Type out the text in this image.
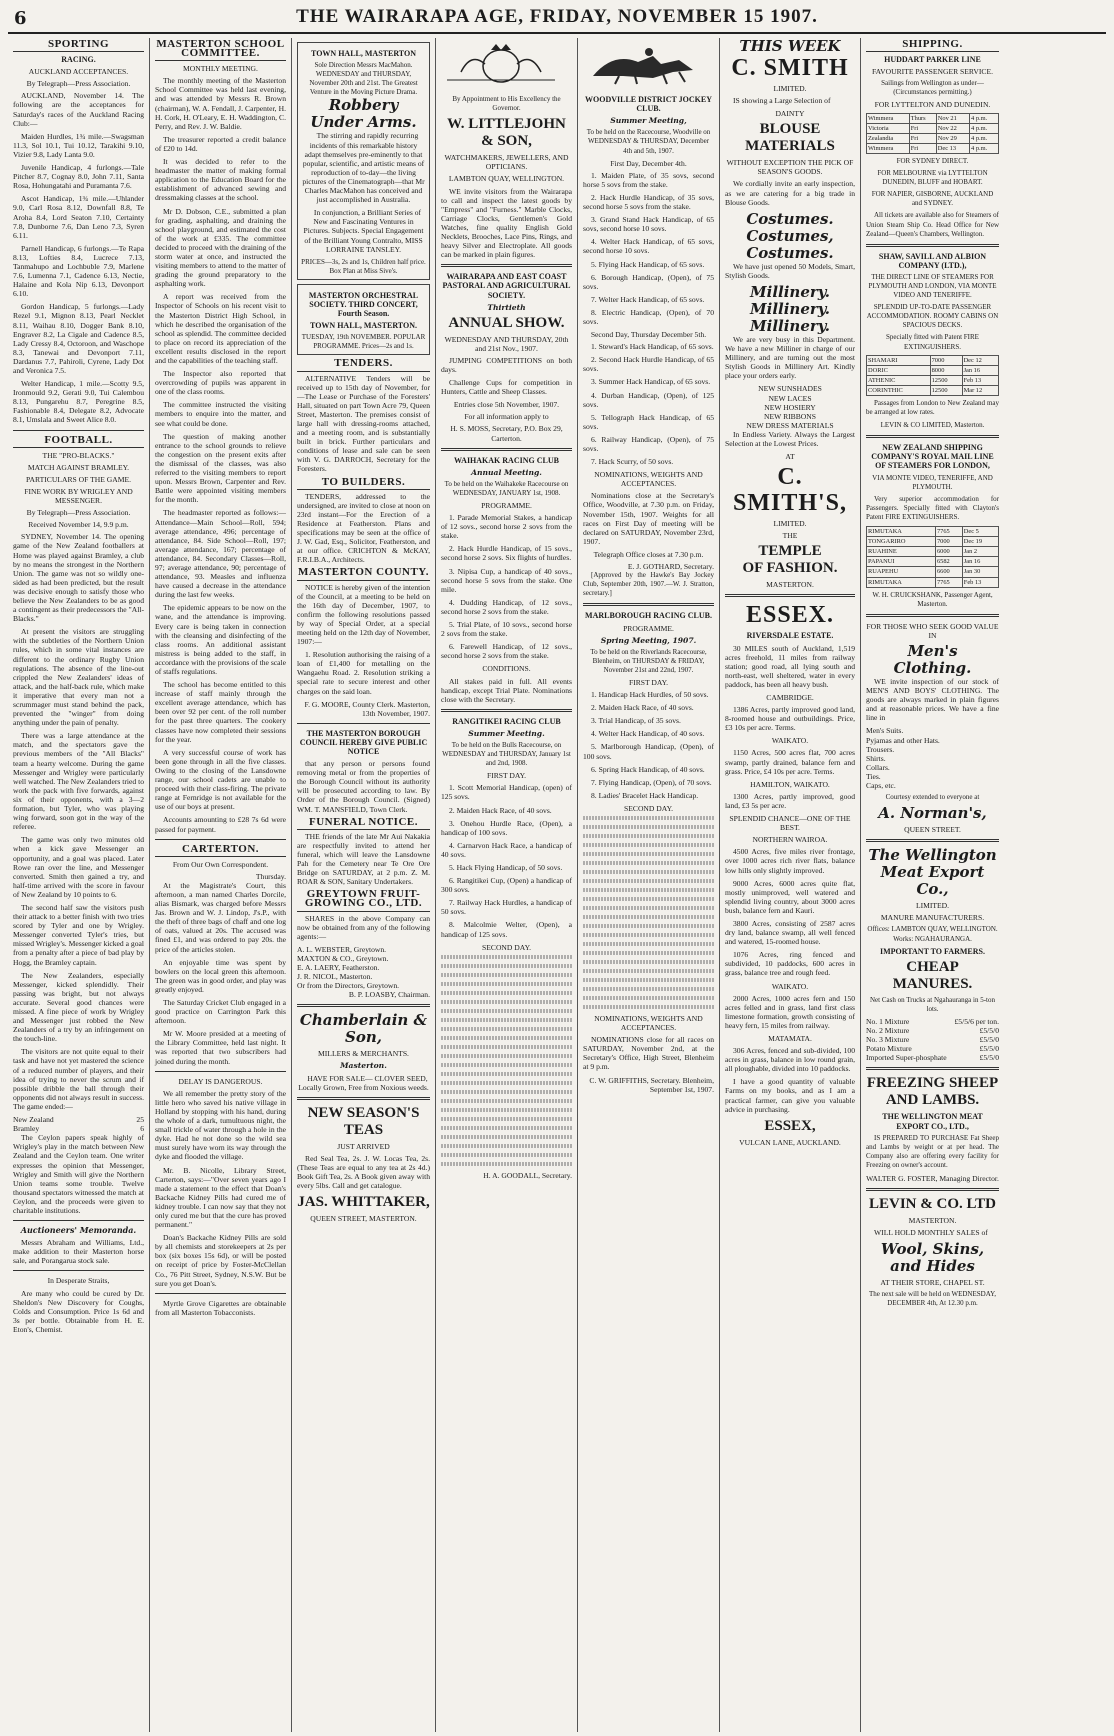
6	THE WAIRARAPA AGE, FRIDAY, NOVEMBER 15 1907.
SPORTING
RACING.
AUCKLAND ACCEPTANCES.
By Telegraph—Press Association.

AUCKLAND, November 14. The following are the acceptances for Saturday's races of the Auckland Racing Club:—

Maiden Hurdles, 1¾ mile.—Swagsman 11.3, Sol 10.1, Tui 10.12, Tarakihi 9.10, Vizier 9.8, Lady Lanta 9.0.

Juvenile Handicap, 4 furlongs.—Tale Pitcher 8.7, Cognay 8.0, John 7.11, Santa Rosa, Hohungatahi and Puramanta 7.6.

Ascot Handicap, 1¾ mile.—Uhlander 9.0, Carl Rosa 8.12, Downfall 8.8, Te Aroha 8.4, Lord Seaton 7.10, Certainty 7.8, Dunborne 7.6, Dan Leno 7.3, Syren 6.11.

Parnell Handicap, 6 furlongs.—Te Rapa 8.13, Lofties 8.4, Lucrece 7.13, Tanmahupo and Lochbuble 7.9, Marlene 7.6, Lumenna 7.1, Cadence 6.13, Nectie, Halaine and Kola Nip 6.13, Devonport 6.10.

Gordon Handicap, 5 furlongs.—Lady Rezel 9.1, Mignon 8.13, Pearl Necklet 8.11, Waihau 8.10, Dogger Bank 8.10, Engraver 8.2, La Cigale and Cadence 8.5, Lady Cressy 8.4, Octoroon, and Waschope 8.3, Tanewai and Devonport 7.11, Dardanus 7.7, Pahiroli, Cyrene, Lady Dot and Veronica 7.5.

Welter Handicap, 1 mile.—Scotty 9.5, Ironmould 9.2, Gerati 9.0, Tui Calembou 8.13, Pungarehu 8.7, Peregrine 8.5, Fashionable 8.4, Delegate 8.2, Advocate 8.1, Umslala and Sweet Alice 8.0.

FOOTBALL.
THE "PRO-BLACKS."
MATCH AGAINST BRAMLEY.
PARTICULARS OF THE GAME.
FINE WORK BY WRIGLEY AND MESSENGER.
By Telegraph—Press Association.
Received November 14, 9.9 p.m.

SYDNEY, November 14. The opening game of the New Zealand footballers at Home was played against Bramley, a club by no means the strongest in the Northern Union. The game was not so wildly one-sided as had been predicted, but the result was decisive enough to satisfy those who believe the New Zealanders to be as good a contingent as their predecessors the "All-Blacks."

At present the visitors are struggling with the subtleties of the Northern Union rules, which in some vital instances are different to the ordinary Rugby Union regulations. The absence of the line-out crippled the New Zealanders' ideas of attack, and the half-back rule, which make it imperative that every man not a scrummager must stand behind the pack, prevented the "winger" from doing anything under the pain of penalty.

There was a large attendance at the match, and the spectators gave the previous members of the "All Blacks" team a hearty welcome. During the game Messenger and Wrigley were particularly well watched. The New Zealanders tried to work the pack with five forwards, against six of their opponents, with a 3—2 formation, but Tyler, who was playing wing forward, soon got in the way of the referee.

The game was only two minutes old when a kick gave Messenger an opportunity, and a goal was placed. Later Rowe ran over the line, and Messenger converted. Smith then gained a try, and half-time arrived with the score in favour of New Zealand by 10 points to 6.

The second half saw the visitors push their attack to a better finish with two tries scored by Tyler and one by Wrigley. Messenger converted Tyler's tries, but missed Wrigley's. Messenger kicked a goal from a penalty after a piece of bad play by Hogg, the Bramley captain.

The New Zealanders, especially Messenger, kicked splendidly. Their passing was bright, but not always accurate. Several good chances were missed. A fine piece of work by Wrigley and Messenger just robbed the New Zealanders of a try by an infringement on the touch-line.

The visitors are not quite equal to their task and have not yet mastered the science of a reduced number of players, and their idea of trying to never the scrum and if possible dribble the ball through their opponents did not always result in success. The game ended:—

New Zealand	25
Bramley	6

The Ceylon papers speak highly of Wrigley's play in the match between New Zealand and the Ceylon team. One writer expresses the opinion that Messenger, Wrigley and Smith will give the Northern Union teams some trouble. Twelve thousand spectators witnessed the match at Ceylon, and the proceeds were given to charitable institutions.

Auctioneers' Memoranda.

Messrs Abraham and Williams, Ltd., make addition to their Masterton horse sale, and Porangarua stock sale.

In Desperate Straits,

Are many who could be cured by Dr. Sheldon's New Discovery for Coughs, Colds and Consumption. Price 1s 6d and 3s per bottle. Obtainable from H. E. Eton's, Chemist.

MASTERTON SCHOOL COMMITTEE.
MONTHLY MEETING.

The monthly meeting of the Masterton School Committee was held last evening, and was attended by Messrs R. Brown (chairman), W. A. Fendall, J. Carpenter, H. H. Cork, H. O'Leary, E. H. Waddington, C. Perry, and Rev. J. W. Baldie.

The treasurer reported a credit balance of £20 to 14d.

It was decided to refer to the headmaster the matter of making formal application to the Education Board for the establishment of advanced sewing and dressmaking classes at the school.

Mr D. Dobson, C.E., submitted a plan for grading, asphalting, and draining the school playground, and estimated the cost of the work at £335. The committee decided to proceed with the draining of the storm water at once, and instructed the visiting members to attend to the matter of grading the ground preparatory to the asphalting work.

A report was received from the Inspector of Schools on his recent visit to the Masterton District High School, in which he described the organisation of the school as splendid. The committee decided to place on record its appreciation of the excellent results disclosed in the report and the capabilities of the teaching staff.

The Inspector also reported that overcrowding of pupils was apparent in one of the class rooms.

The committee instructed the visiting members to enquire into the matter, and see what could be done.

The question of making another entrance to the school grounds to relieve the congestion on the present exits after the dismissal of the classes, was also referred to the visiting members to report upon. Messrs Brown, Carpenter and Rev. Battle were appointed visiting members for the month.

The headmaster reported as follows:—Attendance—Main School—Roll, 594; average attendance, 496; percentage of attendance, 84. Side School—Roll, 197; average attendance, 167; percentage of attendance, 84. Secondary Classes—Roll, 97; average attendance, 90; percentage of attendance, 93. Measles and influenza have caused a decrease in the attendance during the last few weeks.

The epidemic appears to be now on the wane, and the attendance is improving. Every care is being taken in connection with the cleansing and disinfecting of the class rooms. An additional assistant mistress is being added to the staff, in accordance with the provisions of the scale of staffs regulations.

The school has become entitled to this increase of staff mainly through the excellent average attendance, which has been over 92 per cent. of the roll number for the past three quarters. The cookery classes have now completed their sessions for the year.

A very successful course of work has been gone through in all the five classes. Owing to the closing of the Lansdowne range, our school cadets are unable to proceed with their class-firing. The private range at Fernridge is not available for the use of our boys at present.

Accounts amounting to £28 7s 6d were passed for payment.

CARTERTON.
From Our Own Correspondent.
Thursday.

At the Magistrate's Court, this afternoon, a man named Charles Dorcile, alias Bismark, was charged before Messrs Jas. Brown and W. J. Lindop, J's.P., with the theft of three bags of chaff and one log of oats, valued at 20s. The accused was fined £1, and was ordered to pay 20s. the price of the articles stolen.

An enjoyable time was spent by bowlers on the local green this afternoon. The green was in good order, and play was greatly enjoyed.

The Saturday Cricket Club engaged in a good practice on Carrington Park this afternoon.

Mr W. Moore presided at a meeting of the Library Committee, held last night. It was reported that two subscribers had joined during the month.

DELAY IS DANGEROUS.

We all remember the pretty story of the little hero who saved his native village in Holland by stopping with his hand, during the whole of a dark, tumultuous night, the small trickle of water through a hole in the dyke. Had he not done so the wild sea must surely have worn its way through the dyke and flooded the village.

Mr. B. Nicolle, Library Street, Carterton, says:—"Over seven years ago I made a statement to the effect that Doan's Backache Kidney Pills had cured me of kidney trouble. I can now say that they not only cured me but that the cure has proved permanent."

Doan's Backache Kidney Pills are sold by all chemists and storekeepers at 2s per box (six boxes 15s 6d), or will be posted on receipt of price by Foster-McClellan Co., 76 Pitt Street, Sydney, N.S.W. But be sure you get Doan's.

Myrtle Grove Cigarettes are obtainable from all Masterton Tobacconists.

TOWN HALL, MASTERTON
Sole Direction Messrs MacMahon. WEDNESDAY and THURSDAY, November 20th and 21st. The Greatest Venture in the Moving Picture Drama.
Robbery Under Arms.

The stirring and rapidly recurring incidents of this remarkable history adapt themselves pre-eminently to that popular, scientific, and artistic means of reproduction of to-day—the living pictures of the Cinematograph—that Mr Charles MacMahon has conceived and just accomplished in Australia.

In conjunction, a Brilliant Series of New and Fascinating Ventures in Pictures. Subjects. Special Engagement of the Brilliant Young Contralto, MISS LORRAINE TANSLEY.

PRICES—3s, 2s and 1s, Children half price. Box Plan at Miss Sive's.
MASTERTON ORCHESTRAL SOCIETY. THIRD CONCERT, Fourth Season.
TOWN HALL, MASTERTON.
TUESDAY, 19th NOVEMBER. POPULAR PROGRAMME. Prices—2s and 1s.
TENDERS.

ALTERNATIVE Tenders will be received up to 15th day of November, for—The Lease or Purchase of the Foresters' Hall, situated on part Town Acre 79, Queen Street, Masterton. The premises consist of large hall with dressing-rooms attached, and a meeting room, and is substantially built in brick. Further particulars and conditions of lease and sale can be seen with V. G. DARROCH, Secretary for the Foresters.

TO BUILDERS.

TENDERS, addressed to the undersigned, are invited to close at noon on 23rd instant—For the Erection of a Residence at Featherston. Plans and specifications may be seen at the office of J. W. Gad, Esq., Solicitor, Featherston, and at our office. CRICHTON & McKAY, F.R.I.B.A., Architects.

MASTERTON COUNTY.

NOTICE is hereby given of the intention of the Council, at a meeting to be held on the 16th day of December, 1907, to confirm the following resolutions passed by way of Special Order, at a special meeting held on the 12th day of November, 1907:—

1. Resolution authorising the raising of a loan of £1,400 for metalling on the Wangaehu Road. 2. Resolution striking a special rate to secure interest and other charges on the said loan.

F. G. MOORE, County Clerk. Masterton, 13th November, 1907.
THE MASTERTON BOROUGH COUNCIL HEREBY GIVE PUBLIC NOTICE

that any person or persons found removing metal or from the properties of the Borough Council without its authority will be prosecuted according to law. By Order of the Borough Council. (Signed) WM. T. MANSFIELD, Town Clerk.

FUNERAL NOTICE.

THE friends of the late Mr Aui Nakakia are respectfully invited to attend her funeral, which will leave the Lansdowne Pah for the Cemetery near Te Ore Ore Bridge on SATURDAY, at 2 p.m. Z. M. ROAR & SON, Sanitary Undertakers.

GREYTOWN FRUIT-GROWING CO., LTD.

SHARES in the above Company can now be obtained from any of the following agents:—

A. L. WEBSTER, Greytown.
MAXTON & CO., Greytown.
E. A. LAERY, Featherston.
J. R. NICOL, Masterton.
Or from the Directors, Greytown.
B. P. LOASBY, Chairman.
Chamberlain & Son,
MILLERS & MERCHANTS.
Masterton.

HAVE FOR SALE— CLOVER SEED, Locally Grown, Free from Noxious weeds.

NEW SEASON'S TEAS
JUST ARRIVED

Red Seal Tea, 2s. J. W. Locas Tea, 2s. (These Teas are equal to any tea at 2s 4d.) Book Gift Tea, 2s. A Book given away with every 5lbs. Call and get catalogue.

JAS. WHITTAKER,
QUEEN STREET, MASTERTON.
By Appointment to His Excellency the Governor.
W. LITTLEJOHN & SON,
WATCHMAKERS, JEWELLERS, AND OPTICIANS.
LAMBTON QUAY, WELLINGTON.

WE invite visitors from the Wairarapa to call and inspect the latest goods by "Empress" and "Furness." Marble Clocks, Carriage Clocks, Gentlemen's Gold Watches, fine quality English Gold Necklets, Brooches, Lace Pins, Rings, and heavy Silver and Electroplate. All goods can be marked in plain figures.

WAIRARAPA AND EAST COAST PASTORAL AND AGRICULTURAL SOCIETY.
Thirtieth
ANNUAL SHOW.
WEDNESDAY AND THURSDAY, 20th and 21st Nov., 1907.

JUMPING COMPETITIONS on both days.

Challenge Cups for competition in Hunters, Cattle and Sheep Classes.

Entries close 5th November, 1907.
For all information apply to
H. S. MOSS, Secretary, P.O. Box 29, Carterton.
WAIHAKAK RACING CLUB
Annual Meeting.
To be held on the Waihakeke Racecourse on WEDNESDAY, JANUARY 1st, 1908.
PROGRAMME.

1. Parade Memorial Stakes, a handicap of 12 sovs., second horse 2 sovs from the stake.

2. Hack Hurdle Handicap, of 15 sovs., second horse 2 sovs. Six flights of hurdles.

3. Nipisa Cup, a handicap of 40 sovs., second horse 5 sovs from the stake. One mile.

4. Dudding Handicap, of 12 sovs., second horse 2 sovs from the stake.

5. Trial Plate, of 10 sovs., second horse 2 sovs from the stake.

6. Farewell Handicap, of 12 sovs., second horse 2 sovs from the stake.

CONDITIONS.

All stakes paid in full. All events handicap, except Trial Plate. Nominations close with the Secretary.

RANGITIKEI RACING CLUB
Summer Meeting.
To be held on the Bulls Racecourse, on WEDNESDAY and THURSDAY, January 1st and 2nd, 1908.
FIRST DAY.

1. Scott Memorial Handicap, (open) of 125 sovs.

2. Maiden Hack Race, of 40 sovs.

3. Onehou Hurdle Race, (Open), a handicap of 100 sovs.

4. Carnarvon Hack Race, a handicap of 40 sovs.

5. Hack Flying Handicap, of 50 sovs.

6. Rangitikei Cup, (Open) a handicap of 300 sovs.

7. Railway Hack Hurdles, a handicap of 50 sovs.

8. Malcolmie Welter, (Open), a handicap of 125 sovs.

SECOND DAY.
H. A. GOODALL, Secretary.
WOODVILLE DISTRICT JOCKEY CLUB.
Summer Meeting,
To be held on the Racecourse, Woodville on WEDNESDAY & THURSDAY, December 4th and 5th, 1907.
First Day, December 4th.

1. Maiden Plate, of 35 sovs, second horse 5 sovs from the stake.

2. Hack Hurdle Handicap, of 35 sovs, second horse 5 sovs from the stake.

3. Grand Stand Hack Handicap, of 65 sovs, second horse 10 sovs.

4. Welter Hack Handicap, of 65 sovs, second horse 10 sovs.

5. Flying Hack Handicap, of 65 sovs.

6. Borough Handicap, (Open), of 75 sovs.

7. Welter Hack Handicap, of 65 sovs.

8. Electric Handicap, (Open), of 70 sovs.

Second Day, Thursday December 5th.

1. Steward's Hack Handicap, of 65 sovs.

2. Second Hack Hurdle Handicap, of 65 sovs.

3. Summer Hack Handicap, of 65 sovs.

4. Durban Handicap, (Open), of 125 sovs.

5. Tellograph Hack Handicap, of 65 sovs.

6. Railway Handicap, (Open), of 75 sovs.

7. Hack Scurry, of 50 sovs.

NOMINATIONS, WEIGHTS AND ACCEPTANCES.

Nominations close at the Secretary's Office, Woodville, at 7.30 p.m. on Friday, November 15th, 1907. Weights for all races on First Day of meeting will be declared on SATURDAY, November 23rd, 1907.

Telegraph Office closes at 7.30 p.m.
E. J. GOTHARD, Secretary.

[Approved by the Hawke's Bay Jockey Club, September 20th, 1907.—W. J. Stratton, secretary.]

MARLBOROUGH RACING CLUB.
PROGRAMME.
Spring Meeting, 1907.
To be held on the Riverlands Racecourse, Blenheim, on THURSDAY & FRIDAY, November 21st and 22nd, 1907.
FIRST DAY.

1. Handicap Hack Hurdles, of 50 sovs.

2. Maiden Hack Race, of 40 sovs.

3. Trial Handicap, of 35 sovs.

4. Welter Hack Handicap, of 40 sovs.

5. Marlborough Handicap, (Open), of 100 sovs.

6. Spring Hack Handicap, of 40 sovs.

7. Flying Handicap, (Open), of 70 sovs.

8. Ladies' Bracelet Hack Handicap.

SECOND DAY.
NOMINATIONS, WEIGHTS AND ACCEPTANCES.

NOMINATIONS close for all races on SATURDAY, November 2nd, at the Secretary's Office, High Street, Blenheim at 9 p.m.

C. W. GRIFFITHS, Secretary. Blenheim, September 1st, 1907.
THIS WEEK
C. SMITH
LIMITED.

IS showing a Large Selection of

DAINTY
BLOUSE MATERIALS
WITHOUT EXCEPTION THE PICK OF SEASON'S GOODS.

We cordially invite an early inspection, as we are catering for a big trade in Blouse Goods.

Costumes.
Costumes,
Costumes.

We have just opened 50 Models, Smart, Stylish Goods.

Millinery.
Millinery.
Millinery.

We are very busy in this Department. We have a new Milliner in charge of our Millinery, and are turning out the most Stylish Goods in Millinery Art. Kindly place your orders early.

NEW SUNSHADES
NEW LACES
NEW HOSIERY
NEW RIBBONS
NEW DRESS MATERIALS

In Endless Variety. Always the Largest Selection at the Lowest Prices.

AT
C. SMITH'S,
LIMITED.
THE
TEMPLE
OF FASHION.
MASTERTON.
ESSEX.
RIVERSDALE ESTATE.

30 MILES south of Auckland, 1,519 acres freehold, 11 miles from railway station; good road, all lying south and north-east, well sheltered, water in every paddock, has been all heavy bush.

CAMBRIDGE.

1386 Acres, partly improved good land, 8-roomed house and outbuildings. Price, £3 10s per acre. Terms.

WAIKATO.

1150 Acres, 500 acres flat, 700 acres swamp, partly drained, balance fern and grass. Price, £4 10s per acre. Terms.

HAMILTON, WAIKATO.

1300 Acres, partly improved, good land, £3 5s per acre.

SPLENDID CHANCE—ONE OF THE BEST.
NORTHERN WAIROA.

4500 Acres, five miles river frontage, over 1000 acres rich river flats, balance low hills only slightly improved.

9000 Acres, 6000 acres quite flat, mostly unimproved, well watered and splendid living country, about 3000 acres bush, balance fern and Kauri.

3800 Acres, consisting of 2587 acres dry land, balance swamp, all well fenced and watered, 15-roomed house.

1076 Acres, ring fenced and subdivided, 10 paddocks, 600 acres in grass, balance tree and rough feed.

WAIKATO.

2000 Acres, 1000 acres fern and 150 acres felled and in grass, land first class limestone formation, growth consisting of heavy fern, 15 miles from railway.

MATAMATA.

306 Acres, fenced and sub-divided, 100 acres in grass, balance in low round grain, all ploughable, divided into 10 paddocks.

I have a good quantity of valuable Farms on my books, and as I am a practical farmer, can give you valuable advice in purchasing.

ESSEX,
VULCAN LANE, AUCKLAND.
SHIPPING.
HUDDART PARKER LINE
FAVOURITE PASSENGER SERVICE.
Sailings from Wellington as under—(Circumstances permitting.)
FOR LYTTELTON AND DUNEDIN.
Wimmera	Thurs	Nov 21	4 p.m.
Victoria	Fri	Nov 22	4 p.m.
Zealandia	Fri	Nov 29	4 p.m.
Wimmera	Fri	Dec 13	4 p.m.
FOR SYDNEY DIRECT.
FOR MELBOURNE via LYTTELTON DUNEDIN, BLUFF and HOBART.
FOR NAPIER, GISBORNE, AUCKLAND and SYDNEY.

All tickets are available also for Steamers of Union Steam Ship Co. Head Office for New Zealand—Queen's Chambers, Wellington.

SHAW, SAVILL AND ALBION COMPANY (LTD.),
THE DIRECT LINE OF STEAMERS FOR PLYMOUTH AND LONDON, VIA MONTE VIDEO AND TENERIFFE.
SPLENDID UP-TO-DATE PASSENGER ACCOMMODATION. ROOMY CABINS ON SPACIOUS DECKS.
Specially fitted with Patent FIRE EXTINGUISHERS.
SHAMARI	7000	Dec 12
DORIC	8000	Jan 16
ATHENIC	12500	Feb 13
CORINTHIC	12500	Mar 12

Passages from London to New Zealand may be arranged at low rates.

LEVIN & CO LIMITED, Masterton.
NEW ZEALAND SHIPPING COMPANY'S ROYAL MAIL LINE OF STEAMERS FOR LONDON,
VIA MONTE VIDEO, TENERIFFE, AND PLYMOUTH.

Very superior accommodation for Passengers. Specially fitted with Clayton's Patent FIRE EXTINGUISHERS.

RIMUTAKA	7765	Dec 5
TONGARIRO	7000	Dec 19
RUAHINE	6000	Jan 2
PAPANUI	6582	Jan 16
RUAPEHU	6600	Jan 30
RIMUTAKA	7765	Feb 13
W. H. CRUICKSHANK, Passenger Agent, Masterton.
FOR THOSE WHO SEEK GOOD VALUE IN
Men's Clothing.

WE invite inspection of our stock of MEN'S AND BOYS' CLOTHING. The goods are always marked in plain figures and at reasonable prices. We have a fine line in

Men's Suits.
Pyjamas and other Hats.
Trousers.
Shirts.
Collars.
Ties.
Caps, etc.
Courtesy extended to everyone at
A. Norman's,
QUEEN STREET.
The Wellington Meat Export Co.,
LIMITED.
MANURE MANUFACTURERS.
Offices: LAMBTON QUAY, WELLINGTON. Works: NGAHAURANGA.
IMPORTANT TO FARMERS.
CHEAP MANURES.
Net Cash on Trucks at Ngahauranga in 5-ton lots.
No. 1 Mixture	£5/5/6 per ton.
No. 2 Mixture	£5/5/0
No. 3 Mixture	£5/5/0
Potato Mixture	£5/5/0
Imported Super-phosphate	£5/5/0
FREEZING SHEEP AND LAMBS.
THE WELLINGTON MEAT EXPORT CO., LTD.,

IS PREPARED TO PURCHASE Fat Sheep and Lambs by weight or at per head. The Company also are offering every facility for Freezing on owner's account.

WALTER G. FOSTER, Managing Director.
LEVIN & CO. LTD
MASTERTON.

WILL HOLD MONTHLY SALES of

Wool, Skins, and Hides
AT THEIR STORE, CHAPEL ST.
The next sale will be held on WEDNESDAY, DECEMBER 4th, At 12.30 p.m.
